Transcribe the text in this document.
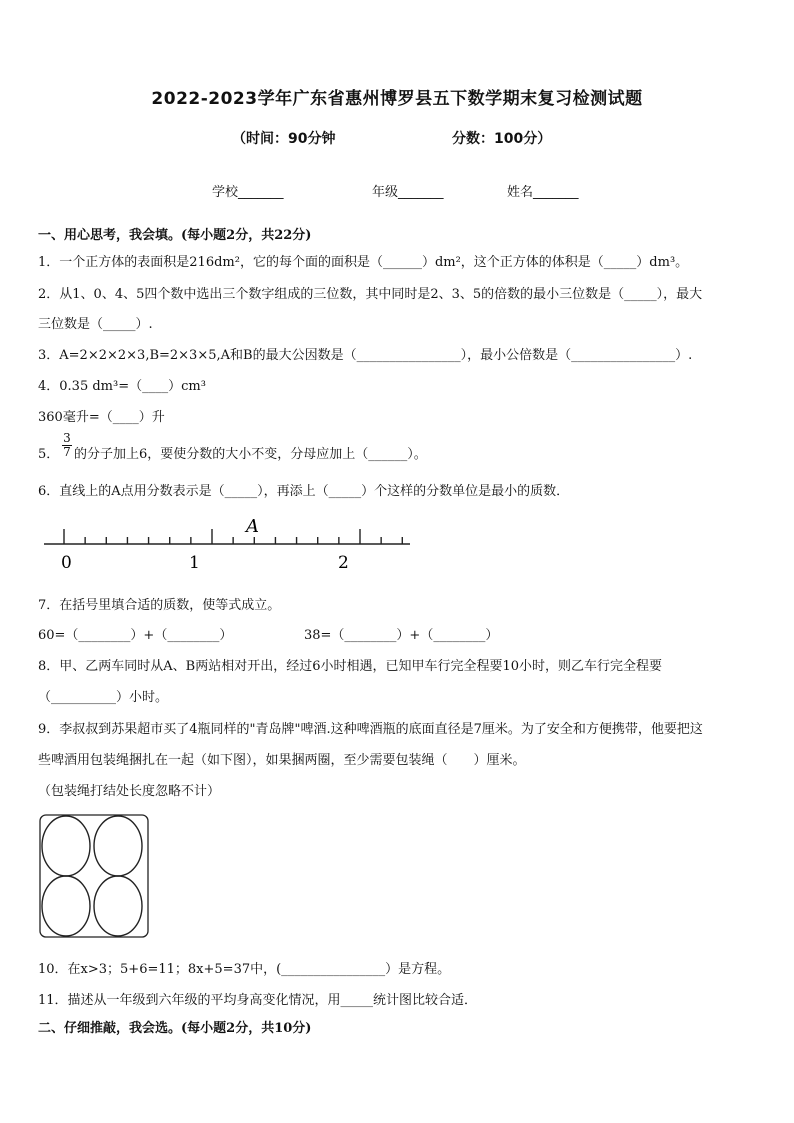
2022-2023学年广东省惠州博罗县五下数学期末复习检测试题
（时间：90分钟	分数：100分）
学校_______	年级_______	姓名_______
一、用心思考，我会填。(每小题2分，共22分)
1．一个正方体的表面积是216dm²，它的每个面的面积是（______）dm²，这个正方体的体积是（_____）dm³。
2．从1、0、4、5四个数中选出三个数字组成的三位数，其中同时是2、3、5的倍数的最小三位数是（_____），最大
三位数是（_____）.
3．A=2×2×2×3,B=2×3×5,A和B的最大公因数是（________________），最小公倍数是（________________）.
4．0.35 dm³=（____）cm³
360毫升=（____）升
5． $\frac{3}{7}$ 的分子加上6，要使分数的大小不变，分母应加上（______）。
6．直线上的A点用分数表示是（_____），再添上（_____）个这样的分数单位是最小的质数．
0	1	2
A
7．在括号里填合适的质数，使等式成立。
60=（________）+（________）	38=（________）+（________）
8．甲、乙两车同时从A、B两站相对开出，经过6小时相遇，已知甲车行完全程要10小时，则乙车行完全程要
（__________）小时。
9．李叔叔到苏果超市买了4瓶同样的"青岛牌"啤酒.这种啤酒瓶的底面直径是7厘米。为了安全和方便携带，他要把这
些啤酒用包装绳捆扎在一起（如下图），如果捆两圈，至少需要包装绳（　　）厘米。
（包装绳打结处长度忽略不计）
10．在x>3；5+6=11；8x+5=37中，(________________）是方程。
11．描述从一年级到六年级的平均身高变化情况，用_____统计图比较合适．
二、仔细推敲，我会选。(每小题2分，共10分)
